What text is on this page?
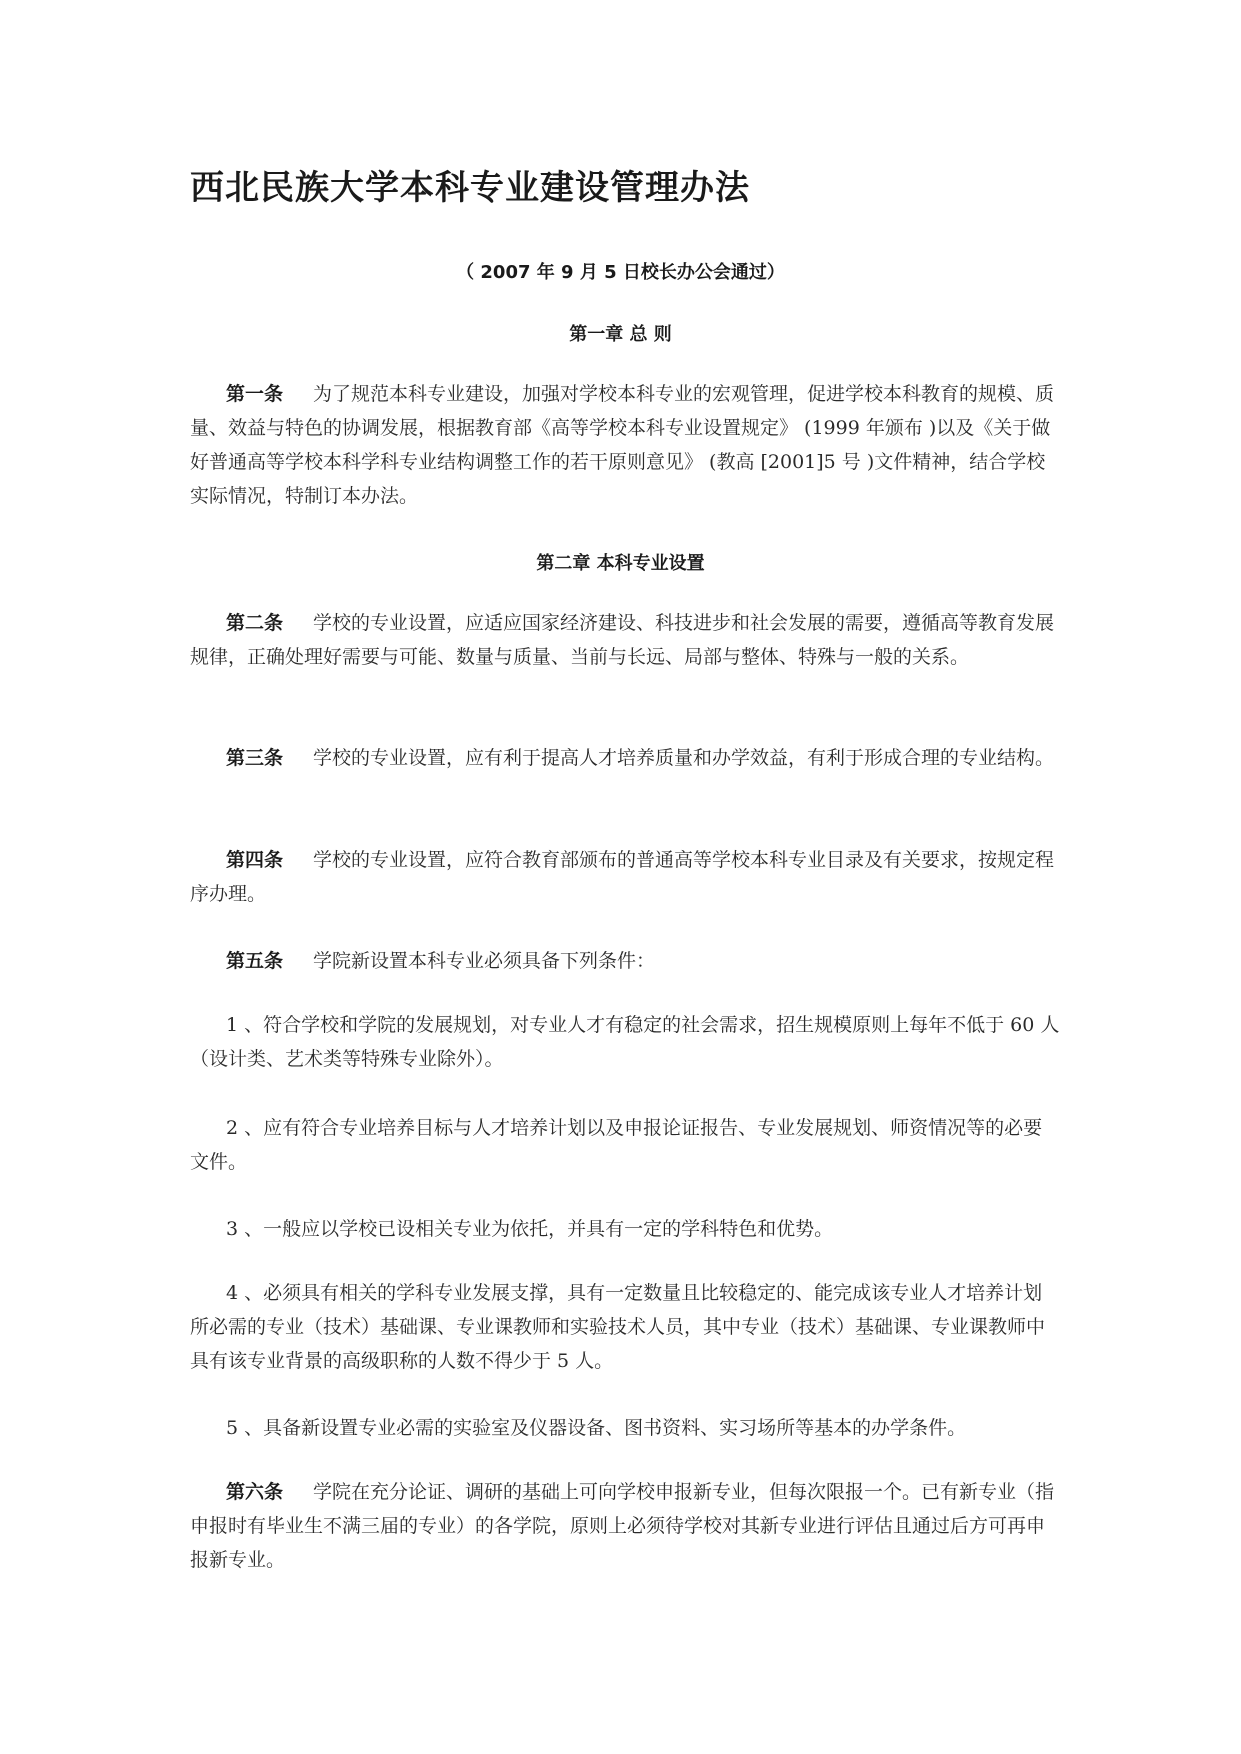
西北民族大学本科专业建设管理办法
（ 2007 年 9 月 5 日校长办公会通过）
第一章 总 则
第一条 为了规范本科专业建设，加强对学校本科专业的宏观管理，促进学校本科教育的规模、质量、效益与特色的协调发展，根据教育部《高等学校本科专业设置规定》 (1999 年颁布 )以及《关于做好普通高等学校本科学科专业结构调整工作的若干原则意见》 (教高 [2001]5 号 )文件精神，结合学校实际情况，特制订本办法。
第二章 本科专业设置
第二条 学校的专业设置，应适应国家经济建设、科技进步和社会发展的需要，遵循高等教育发展规律，正确处理好需要与可能、数量与质量、当前与长远、局部与整体、特殊与一般的关系。
第三条 学校的专业设置，应有利于提高人才培养质量和办学效益，有利于形成合理的专业结构。
第四条 学校的专业设置，应符合教育部颁布的普通高等学校本科专业目录及有关要求，按规定程序办理。
第五条 学院新设置本科专业必须具备下列条件：
1 、符合学校和学院的发展规划，对专业人才有稳定的社会需求，招生规模原则上每年不低于 60 人（设计类、艺术类等特殊专业除外）。
2 、应有符合专业培养目标与人才培养计划以及申报论证报告、专业发展规划、师资情况等的必要文件。
3 、一般应以学校已设相关专业为依托，并具有一定的学科特色和优势。
4 、必须具有相关的学科专业发展支撑，具有一定数量且比较稳定的、能完成该专业人才培养计划所必需的专业（技术）基础课、专业课教师和实验技术人员，其中专业（技术）基础课、专业课教师中具有该专业背景的高级职称的人数不得少于 5 人。
5 、具备新设置专业必需的实验室及仪器设备、图书资料、实习场所等基本的办学条件。
第六条 学院在充分论证、调研的基础上可向学校申报新专业，但每次限报一个。已有新专业（指申报时有毕业生不满三届的专业）的各学院，原则上必须待学校对其新专业进行评估且通过后方可再申报新专业。
